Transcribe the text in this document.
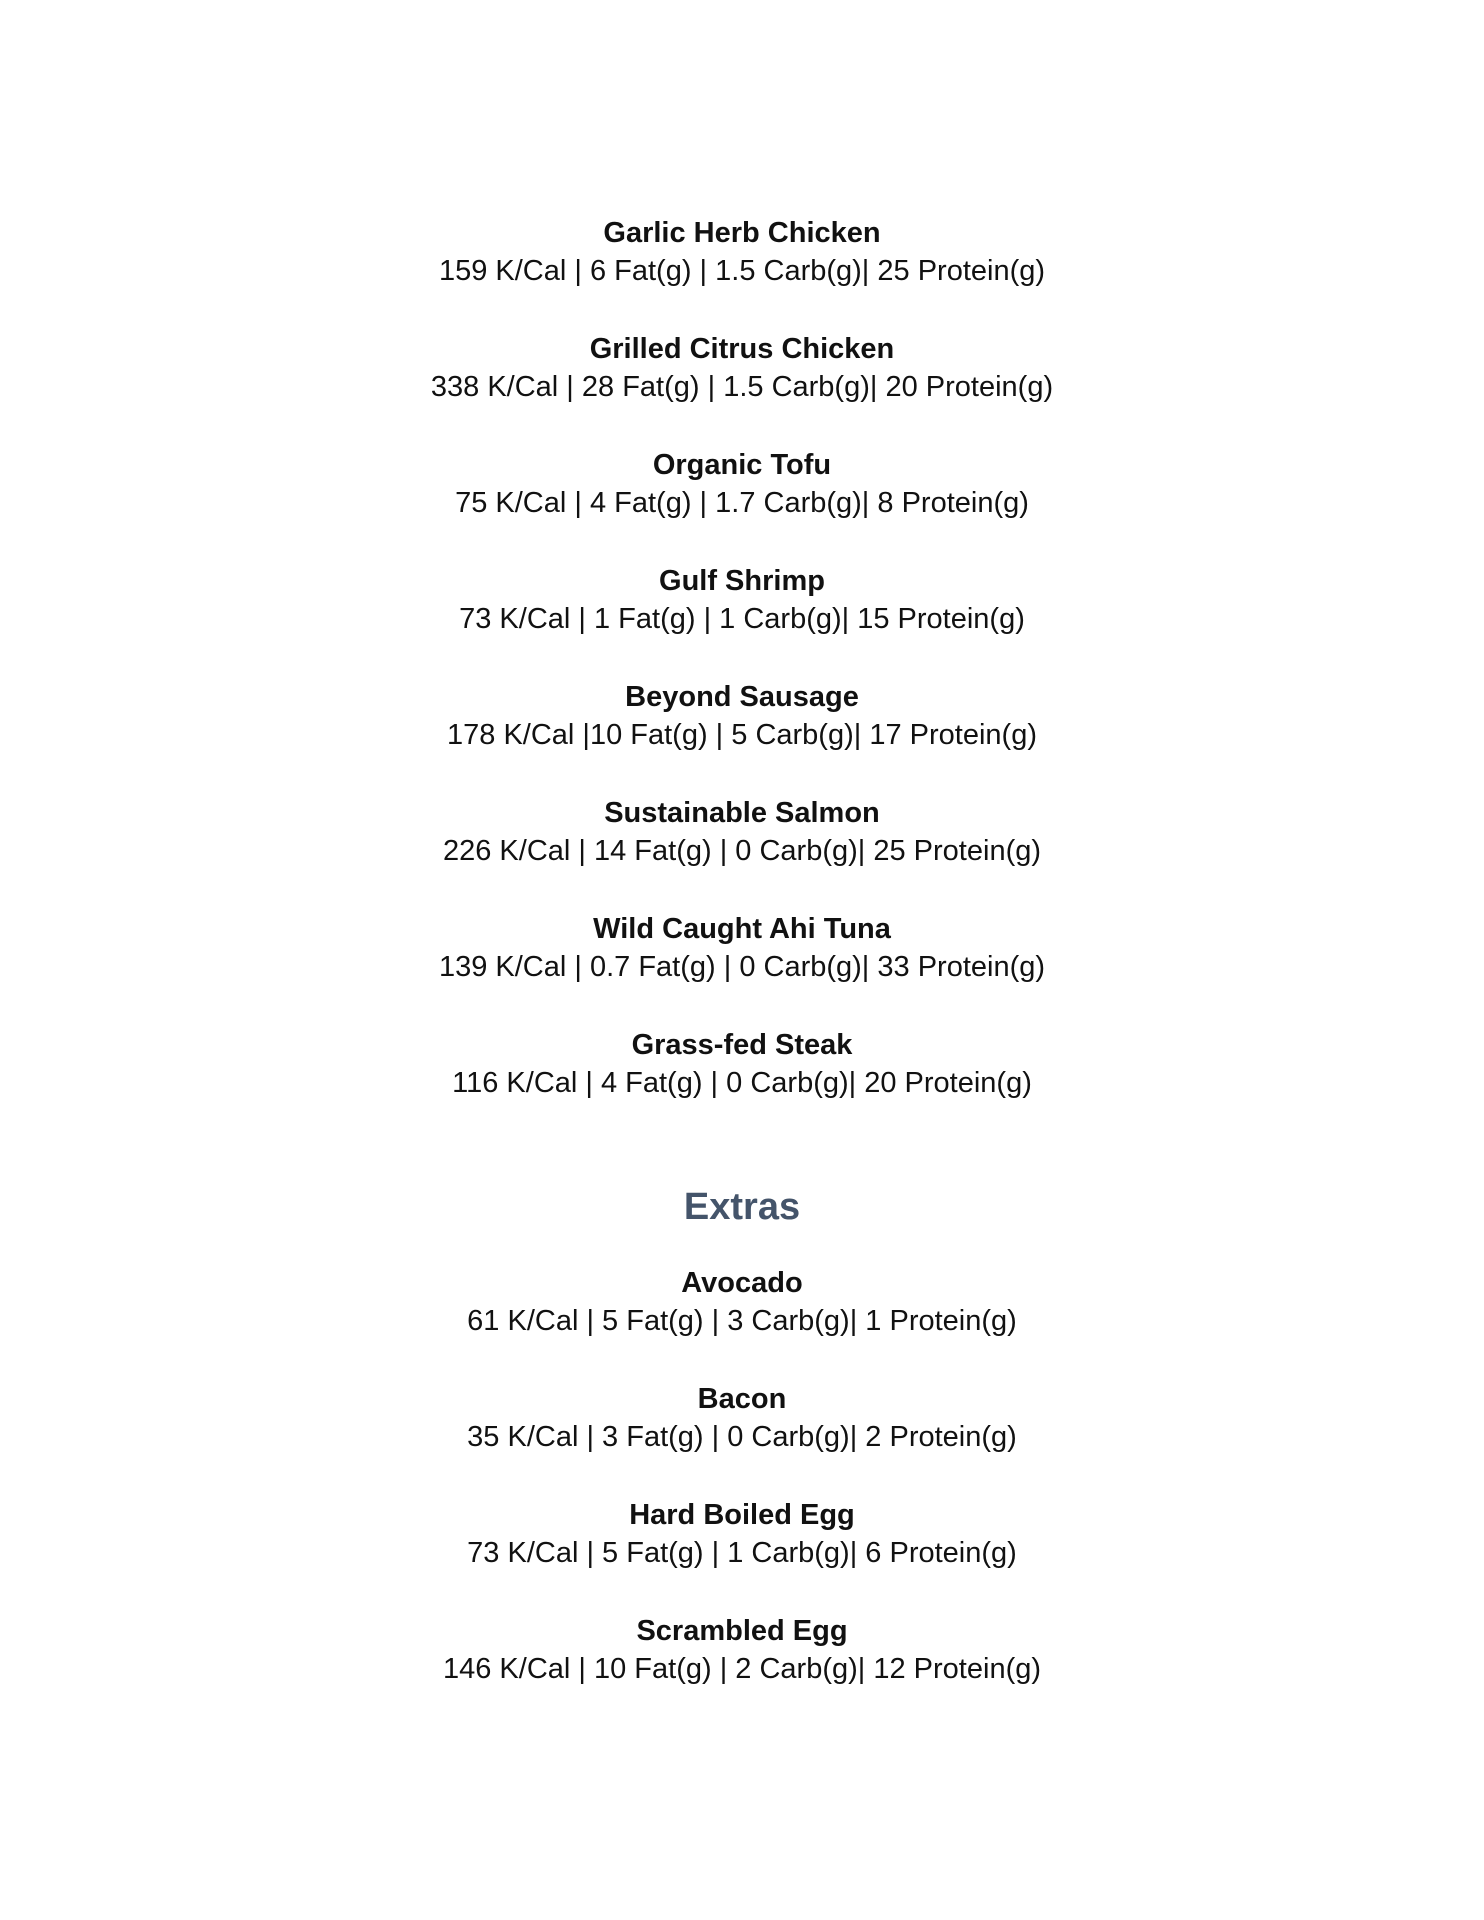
Garlic Herb Chicken
159 K/Cal | 6 Fat(g) | 1.5 Carb(g)| 25 Protein(g)
Grilled Citrus Chicken
338 K/Cal | 28 Fat(g) | 1.5 Carb(g)| 20 Protein(g)
Organic Tofu
75 K/Cal | 4 Fat(g) | 1.7 Carb(g)| 8 Protein(g)
Gulf Shrimp
73 K/Cal | 1 Fat(g) | 1 Carb(g)| 15 Protein(g)
Beyond Sausage
178 K/Cal |10 Fat(g) | 5 Carb(g)| 17 Protein(g)
Sustainable Salmon
226 K/Cal | 14 Fat(g) | 0 Carb(g)| 25 Protein(g)
Wild Caught Ahi Tuna
139 K/Cal | 0.7 Fat(g) | 0 Carb(g)| 33 Protein(g)
Grass-fed Steak
116 K/Cal | 4 Fat(g) | 0 Carb(g)| 20 Protein(g)
Extras
Avocado
61 K/Cal | 5 Fat(g) | 3 Carb(g)| 1 Protein(g)
Bacon
35 K/Cal | 3 Fat(g) | 0 Carb(g)| 2 Protein(g)
Hard Boiled Egg
73 K/Cal | 5 Fat(g) | 1 Carb(g)| 6 Protein(g)
Scrambled Egg
146 K/Cal | 10 Fat(g) | 2 Carb(g)| 12 Protein(g)
